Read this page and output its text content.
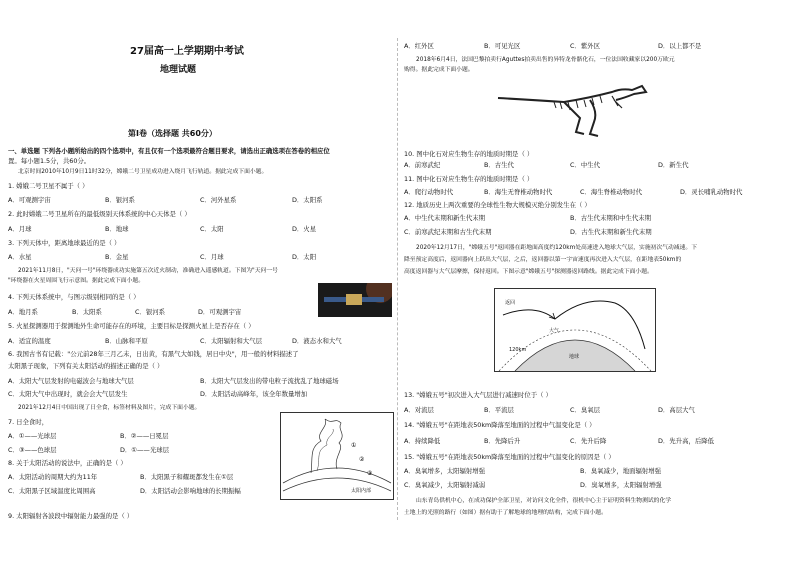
27届高一上学期期中考试
地理试题
第Ⅰ卷（选择题 共60分）
一、单选题 下列各小题所给出的四个选项中，有且仅有一个选项最符合题目要求，请选出正确选项在答卷的相应位
置。每小题1.5分，共60分。
北京时间2010年10月9日11时32分，嫦娥二号卫星成功进入绕月飞行轨道。据此完成下面小题。
1. 嫦娥二号卫星不属于（ ）
A．可观测宇宙	B．银河系	C．河外星系	D．太阳系
2. 此时嫦娥二号卫星所在的最低级别天体系统的中心天体是（ ）
A．月球	B．地球	C．太阳	D．火星
3. 下列天体中，距离地球最近的是（ ）
A．水星	B．金星	C．月球	D．太阳
2021年11月8日，"天问一号"环绕器成功实施第五次近火制动，准确进入遥感轨道。下图为"天问一号
"环绕器在火星周围飞行示意图。据此完成下面小题。
4. 下列天体系统中，与图示级别相同的是（ ）
A．地月系	B．太阳系	C．银河系	D．可观测宇宙
5. 火星探测器用于探测地外生命可能存在的环境，主要目标是探测火星上是否存在（ ）
A．适宜的温度	B．山脉和平原	C．太阳辐射和大气层	D．液态水和大气
6. 我国古书有记载："公元前28年三月乙未，日出黄，有黑气大如钱，居日中央"，用一般的材料描述了
太阳黑子现象，下列有关太阳活动的描述正确的是（ ）
A．太阳大气层发射的电磁波会与地球大气层	B．太阳大气层发出的带电粒子流扰乱了地球磁场
C．太阳大气中出现时，就会会大气层发生	D．太阳活动高峰年，该全年数量增加
2021年12月4日中国出现了日全食，标签材料及图片，完成下面小题。
7. 日全食时，
A．①——光球层	B．②——日冕层
C．③——色球层	D．①——光球层
8. 关于太阳活动的说法中，正确的是（ ）
A．太阳活动的周期大约为11年	B．太阳黑子和耀斑都发生在①层
C．太阳黑子区域温度比周围高	D．太阳活动会影响地球的长期振幅
9. 太阳辐射各波段中辐射能力最强的是（ ）
①
②
③
太阳内部
A．红外区	B．可见光区	C．紫外区	D．以上都不是
2018年6月4日，法国巴黎拍卖行Aguttes拍卖出售的异特龙骨骼化石，一位法国收藏家以200万欧元
购得。据此完成下面小题。
10. 图中化石对应生物生存的地质时期是（ ）
A．前寒武纪	B．古生代	C．中生代	D．新生代
11. 图中化石对应生物生存的地质时期是（ ）
A．爬行动物时代	B．海生无脊椎动物时代	C．海生脊椎动物时代	D．灵长哺乳动物时代
12. 地质历史上两次重要的全球性生物大规模灭绝分别发生在（ ）
A．中生代末期和新生代末期	B．古生代末期和中生代末期
C．前寒武纪末期和古生代末期	D．古生代末期和新生代末期
2020年12月17日，"嫦娥五号"返回器在距地面高度约120km处高速进入地球大气层，实施初次气动减速。下
降至预定高度后，返回器向上跃出大气层，之后，返回器以第一宇宙速度再次进入大气层，在距地表50km的
高度返回器与大气层摩擦，保持返回。下图示意"嫦娥五号"探测器返回路线。据此完成下面小题。
返回
120km
地球
大气
13. "嫦娥五号"初次进入大气层进行减速时位于（ ）
A．对流层	B．平流层	C．臭氧层	D．高层大气
14. "嫦娥五号"在距地表50km降落至地面的过程中气温变化是（ ）
A．持续降低	B．先降后升	C．先升后降	D．先升高，后降低
15. "嫦娥五号"在距地表50km降落至地面的过程中气温变化的原因是（ ）
A．臭氧增多，太阳辐射增强	B．臭氧减少，地面辐射增强
C．臭氧减少，太阳辐射减弱	D．臭氧增多，太阳辐射增强
山东青岛供机中心，在成功保护全部卫星，对访问文化全件，很机中心主于证明资料生物测试的化学
土地上的光照的路行（如图）据有助于了解地球的地理的结构，完成下面小题。
